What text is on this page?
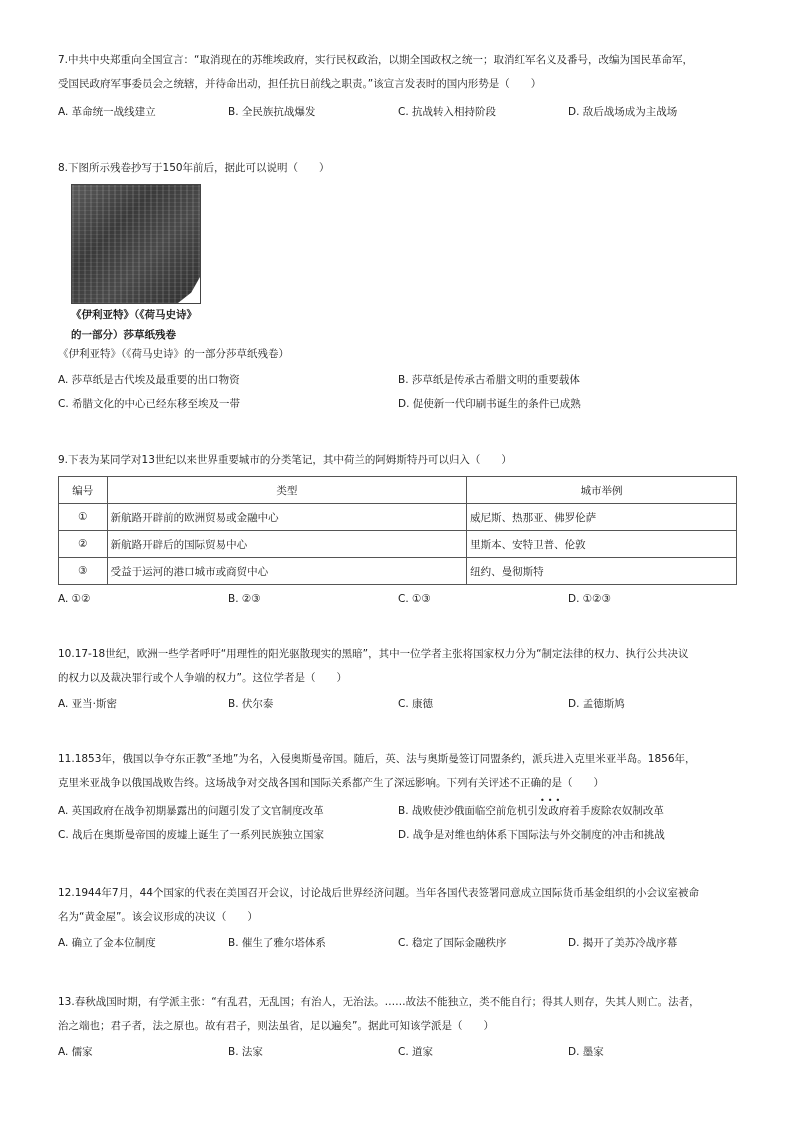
7.中共中央郑重向全国宣言：“取消现在的苏维埃政府，实行民权政治，以期全国政权之统一；取消红军名义及番号，改编为国民革命军，

受国民政府军事委员会之统辖，并待命出动，担任抗日前线之职责。”该宣言发表时的国内形势是（　　）

A. 革命统一战线建立	B. 全民族抗战爆发	C. 抗战转入相持阶段	D. 敌后战场成为主战场

8.下图所示残卷抄写于150年前后，据此可以说明（　　）

《伊利亚特》（《荷马史诗》
的一部分）莎草纸残卷

《伊利亚特》（《荷马史诗》的一部分莎草纸残卷）

A. 莎草纸是古代埃及最重要的出口物资	B. 莎草纸是传承古希腊文明的重要载体
C. 希腊文化的中心已经东移至埃及一带	D. 促使新一代印刷书诞生的条件已成熟

9.下表为某同学对13世纪以来世界重要城市的分类笔记，其中荷兰的阿姆斯特丹可以归入（　　）

编号	类型	城市举例
①	新航路开辟前的欧洲贸易或金融中心	威尼斯、热那亚、佛罗伦萨
②	新航路开辟后的国际贸易中心	里斯本、安特卫普、伦敦
③	受益于运河的港口城市或商贸中心	纽约、曼彻斯特
A. ①②	B. ②③	C. ①③	D. ①②③

10.17-18世纪，欧洲一些学者呼吁“用理性的阳光驱散现实的黑暗”，其中一位学者主张将国家权力分为“制定法律的权力、执行公共决议

的权力以及裁决罪行或个人争端的权力”。这位学者是（　　）

A. 亚当·斯密	B. 伏尔泰	C. 康德	D. 孟德斯鸠

11.1853年，俄国以争夺东正教“圣地”为名，入侵奥斯曼帝国。随后，英、法与奥斯曼签订同盟条约，派兵进入克里米亚半岛。1856年，

克里米亚战争以俄国战败告终。这场战争对交战各国和国际关系都产生了深远影响。下列有关评述不正确的是（　　）

A. 英国政府在战争初期暴露出的问题引发了文官制度改革	B. 战败使沙俄面临空前危机引发政府着手废除农奴制改革
C. 战后在奥斯曼帝国的废墟上诞生了一系列民族独立国家	D. 战争是对维也纳体系下国际法与外交制度的冲击和挑战
•••

12.1944年7月，44个国家的代表在美国召开会议，讨论战后世界经济问题。当年各国代表签署同意成立国际货币基金组织的小会议室被命

名为“黄金屋”。该会议形成的决议（　　）

A. 确立了金本位制度	B. 催生了雅尔塔体系	C. 稳定了国际金融秩序	D. 揭开了美苏冷战序幕

13.春秋战国时期，有学派主张：“有乱君，无乱国；有治人，无治法。……故法不能独立，类不能自行；得其人则存，失其人则亡。法者，

治之端也；君子者，法之原也。故有君子，则法虽省，足以遍矣”。据此可知该学派是（　　）

A. 儒家	B. 法家	C. 道家	D. 墨家
